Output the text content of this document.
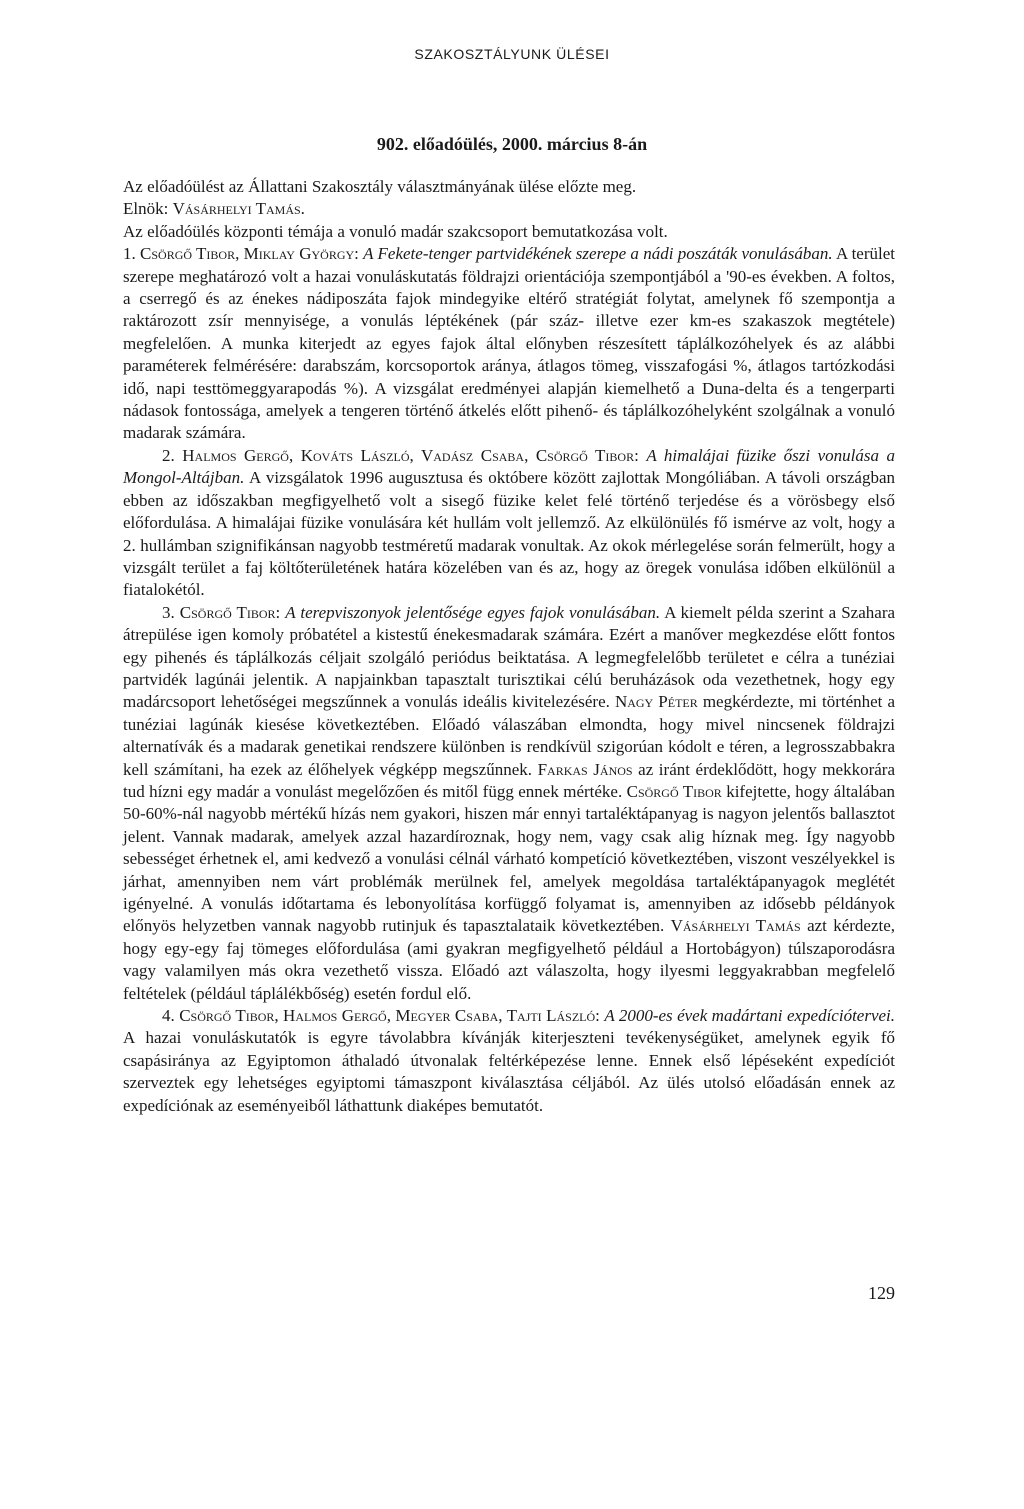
SZAKOSZTÁLYUNK ÜLÉSEI
902. előadóülés, 2000. március 8-án

Az előadóülést az Állattani Szakosztály választmányának ülése előzte meg.

Elnök: Vásárhelyi Tamás.

Az előadóülés központi témája a vonuló madár szakcsoport bemutatkozása volt.

1. Csörgő Tibor, Miklay György: A Fekete-tenger partvidékének szerepe a nádi poszáták vonulásában. A terület szerepe meghatározó volt a hazai vonuláskutatás földrajzi orientációja szempontjából a '90-es években. A foltos, a cserregő és az énekes nádiposzáta fajok mindegyike eltérő stratégiát folytat, amelynek fő szempontja a raktározott zsír mennyisége, a vonulás léptékének (pár száz- illetve ezer km-es szakaszok megtétele) megfelelően. A munka kiterjedt az egyes fajok által előnyben részesített táplálkozóhelyek és az alábbi paraméterek felmérésére: darabszám, korcsoportok aránya, átlagos tömeg, visszafogási %, átlagos tartózkodási idő, napi testtömeggyarapodás %). A vizsgálat eredményei alapján kiemelhető a Duna-delta és a tengerparti nádasok fontossága, amelyek a tengeren történő átkelés előtt pihenő- és táplálkozóhelyként szolgálnak a vonuló madarak számára.

2. Halmos Gergő, Kováts László, Vadász Csaba, Csörgő Tibor: A himalájai füzike őszi vonulása a Mongol-Altájban. A vizsgálatok 1996 augusztusa és októbere között zajlottak Mongóliában. A távoli országban ebben az időszakban megfigyelhető volt a sisegő füzike kelet felé történő terjedése és a vörösbegy első előfordulása. A himalájai füzike vonulására két hullám volt jellemző. Az elkülönülés fő ismérve az volt, hogy a 2. hullámban szignifikánsan nagyobb testméretű madarak vonultak. Az okok mérlegelése során felmerült, hogy a vizsgált terület a faj költőterületének határa közelében van és az, hogy az öregek vonulása időben elkülönül a fiatalokétól.

3. Csörgő Tibor: A terepviszonyok jelentősége egyes fajok vonulásában. A kiemelt példa szerint a Szahara átrepülése igen komoly próbatétel a kistestű énekesmadarak számára. Ezért a manőver megkezdése előtt fontos egy pihenés és táplálkozás céljait szolgáló periódus beiktatása. A legmegfelelőbb területet e célra a tunéziai partvidék lagúnái jelentik. A napjainkban tapasztalt turisztikai célú beruházások oda vezethetnek, hogy egy madárcsoport lehetőségei megszűnnek a vonulás ideális kivitelezésére. Nagy Péter megkérdezte, mi történhet a tunéziai lagúnák kiesése következtében. Előadó válaszában elmondta, hogy mivel nincsenek földrajzi alternatívák és a madarak genetikai rendszere különben is rendkívül szigorúan kódolt e téren, a legrosszabbakra kell számítani, ha ezek az élőhelyek végképp megszűnnek. Farkas János az iránt érdeklődött, hogy mekkorára tud hízni egy madár a vonulást megelőzően és mitől függ ennek mértéke. Csörgő Tibor kifejtette, hogy általában 50-60%-nál nagyobb mértékű hízás nem gyakori, hiszen már ennyi tartaléktápanyag is nagyon jelentős ballasztot jelent. Vannak madarak, amelyek azzal hazardíroznak, hogy nem, vagy csak alig híznak meg. Így nagyobb sebességet érhetnek el, ami kedvező a vonulási célnál várható kompetíció következtében, viszont veszélyekkel is járhat, amennyiben nem várt problémák merülnek fel, amelyek megoldása tartaléktápanyagok meglétét igényelné. A vonulás időtartama és lebonyolítása korfüggő folyamat is, amennyiben az idősebb példányok előnyös helyzetben vannak nagyobb rutinjuk és tapasztalataik következtében. Vásárhelyi Tamás azt kérdezte, hogy egy-egy faj tömeges előfordulása (ami gyakran megfigyelhető például a Hortobágyon) túlszaporodásra vagy valamilyen más okra vezethető vissza. Előadó azt válaszolta, hogy ilyesmi leggyakrabban megfelelő feltételek (például táplálékbőség) esetén fordul elő.

4. Csörgő Tibor, Halmos Gergő, Megyer Csaba, Tajti László: A 2000-es évek madártani expedíciótervei. A hazai vonuláskutatók is egyre távolabbra kívánják kiterjeszteni tevékenységüket, amelynek egyik fő csapásiránya az Egyiptomon áthaladó útvonalak feltérképezése lenne. Ennek első lépéseként expedíciót szerveztek egy lehetséges egyiptomi támaszpont kiválasztása céljából. Az ülés utolsó előadásán ennek az expedíciónak az eseményeiből láthattunk diaképes bemutatót.

129
